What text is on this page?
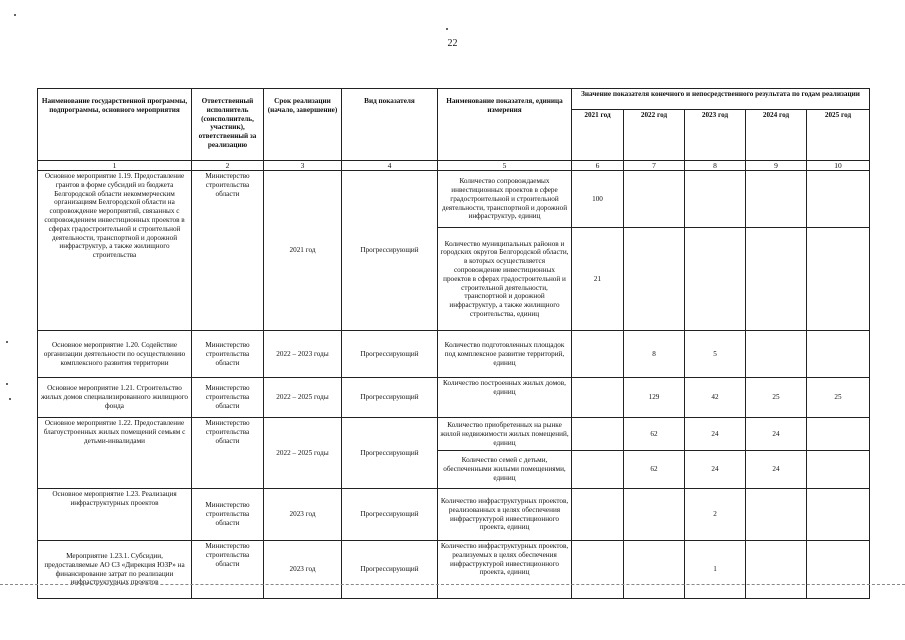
22
Наименование государственной программы, подпрограммы, основного мероприятия	Ответственный исполнитель (соисполнитель, участник), ответственный за реализацию	Срок реализации (начало, завершение)	Вид показателя	Наименование показателя, единица измерения	Значение показателя конечного и непосредственного результата по годам реализации				
					2021 год	2022 год	2023 год	2024 год	2025 год
1	2	3	4	5	6	7	8	9	10
Основное мероприятие 1.19. Предоставление грантов в форме субсидий из бюджета Белгородской области некоммерческим организациям Белгородской области на сопровождение мероприятий, связанных с сопровождением инвестиционных проектов в сферах градостроительной и строительной деятельности, транспортной и дорожной инфраструктур, а также жилищного строительства	Министерство строительства области	2021 год	Прогрессирующий	Количество сопровождаемых инвестиционных проектов в сфере градостроительной и строительной деятельности, транспортной и дорожной инфраструктур, единиц	100				
				Количество муниципальных районов и городских округов Белгородской области, в которых осуществляется сопровождение инвестиционных проектов в сферах градостроительной и строительной деятельности, транспортной и дорожной инфраструктур, а также жилищного строительства, единиц	21				
Основное мероприятие 1.20. Содействие организации деятельности по осуществлению комплексного развития территории	Министерство строительства области	2022 – 2023 годы	Прогрессирующий	Количество подготовленных площадок под комплексное развитие территорий, единиц		8	5		
Основное мероприятие 1.21. Строительство жилых домов специализированного жилищного фонда	Министерство строительства области	2022 – 2025 годы	Прогрессирующий	Количество построенных жилых домов, единиц		129	42	25	25
Основное мероприятие 1.22. Предоставление благоустроенных жилых помещений семьям с детьми-инвалидами	Министерство строительства области	2022 – 2025 годы	Прогрессирующий	Количество приобретенных на рынке жилой недвижимости жилых помещений, единиц		62	24	24	
				Количество семей с детьми, обеспеченными жилыми помещениями, единиц		62	24	24	
Основное мероприятие 1.23. Реализация инфраструктурных проектов	Министерство строительства области	2023 год	Прогрессирующий	Количество инфраструктурных проектов, реализованных в целях обеспечения инфраструктурой инвестиционного проекта, единиц			2		
Мероприятие 1.23.1. Субсидии, предоставляемые АО СЗ «Дирекция ЮЗР» на финансирование затрат по реализации инфраструктурных проектов	Министерство строительства области	2023 год	Прогрессирующий	Количество инфраструктурных проектов, реализуемых в целях обеспечения инфраструктурой инвестиционного проекта, единиц			1		
